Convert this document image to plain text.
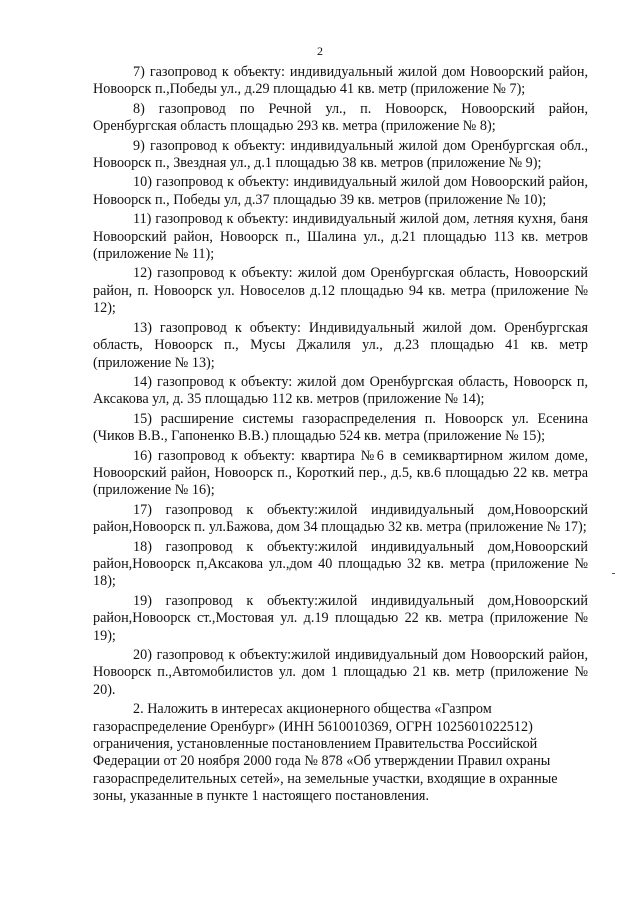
2

7) газопровод к объекту: индивидуальный жилой дом Новоорский район, Новоорск п.,Победы ул., д.29 площадью 41 кв. метр (приложение № 7);

8) газопровод по Речной ул., п. Новоорск, Новоорский район, Оренбургская область площадью 293 кв. метра (приложение № 8);

9) газопровод к объекту: индивидуальный жилой дом Оренбургская обл., Новоорск п., Звездная ул., д.1 площадью 38 кв. метров (приложение № 9);

10) газопровод к объекту: индивидуальный жилой дом Новоорский район, Новоорск п., Победы ул, д.37 площадью 39 кв. метров (приложение № 10);

11) газопровод к объекту: индивидуальный жилой дом, летняя кухня, баня Новоорский район, Новоорск п., Шалина ул., д.21 площадью 113 кв. метров (приложение № 11);

12) газопровод к объекту: жилой дом Оренбургская область, Новоорский район, п. Новоорск ул. Новоселов д.12 площадью 94 кв. метра (приложение № 12);

13) газопровод к объекту: Индивидуальный жилой дом. Оренбургская область, Новоорск п., Мусы Джалиля ул., д.23 площадью 41 кв. метр (приложение № 13);

14) газопровод к объекту: жилой дом Оренбургская область, Новоорск п, Аксакова ул, д. 35 площадью 112 кв. метров (приложение № 14);

15) расширение системы газораспределения п. Новоорск ул. Есенина (Чиков В.В., Гапоненко В.В.) площадью 524 кв. метра (приложение № 15);

16) газопровод к объекту: квартира №6 в семиквартирном жилом доме, Новоорский район, Новоорск п., Короткий пер., д.5, кв.6 площадью 22 кв. метра (приложение № 16);

17) газопровод к объекту:жилой индивидуальный дом,Новоорский район,Новоорск п. ул.Бажова, дом 34 площадью 32 кв. метра (приложение № 17);

18) газопровод к объекту:жилой индивидуальный дом,Новоорский район,Новоорск п,Аксакова ул.,дом 40 площадью 32 кв. метра (приложение № 18);

19) газопровод к объекту:жилой индивидуальный дом,Новоорский район,Новоорск ст.,Мостовая ул. д.19 площадью 22 кв. метра (приложение № 19);

20) газопровод к объекту:жилой индивидуальный дом Новоорский район, Новоорск п.,Автомобилистов ул. дом 1 площадью 21 кв. метр (приложение № 20).

2. Наложить в интересах акционерного общества «Газпром газораспределение Оренбург» (ИНН 5610010369, ОГРН 1025601022512) ограничения, установленные постановлением Правительства Российской Федерации от 20 ноября 2000 года № 878 «Об утверждении Правил охраны газораспределительных сетей», на земельные участки, входящие в охранные зоны, указанные в пункте 1 настоящего постановления.
